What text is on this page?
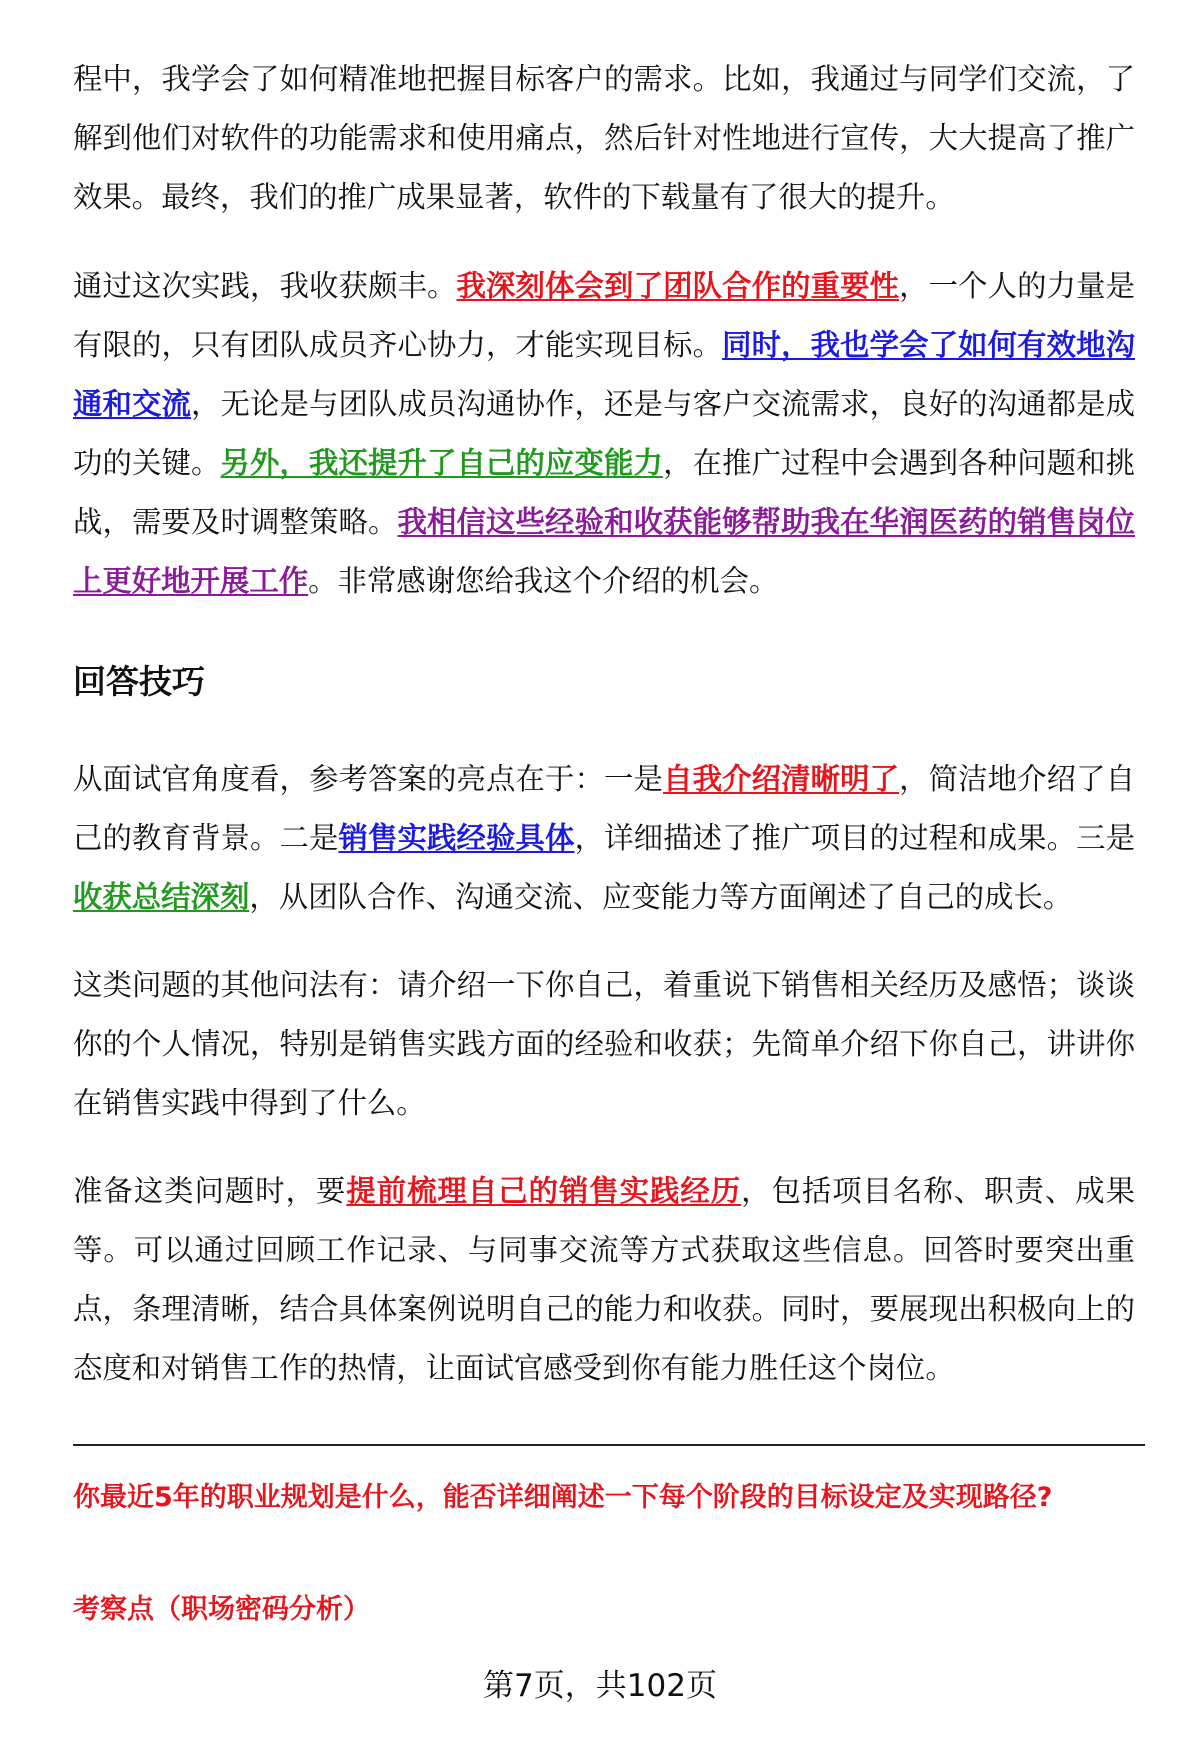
程中，我学会了如何精准地把握目标客户的需求。比如，我通过与同学们交流，了解到他们对软件的功能需求和使用痛点，然后针对性地进行宣传，大大提高了推广效果。最终，我们的推广成果显著，软件的下载量有了很大的提升。
通过这次实践，我收获颇丰。我深刻体会到了团队合作的重要性，一个人的力量是有限的，只有团队成员齐心协力，才能实现目标。同时，我也学会了如何有效地沟通和交流，无论是与团队成员沟通协作，还是与客户交流需求，良好的沟通都是成功的关键。另外，我还提升了自己的应变能力，在推广过程中会遇到各种问题和挑战，需要及时调整策略。我相信这些经验和收获能够帮助我在华润医药的销售岗位上更好地开展工作。非常感谢您给我这个介绍的机会。
回答技巧
从面试官角度看，参考答案的亮点在于：一是自我介绍清晰明了，简洁地介绍了自己的教育背景。二是销售实践经验具体，详细描述了推广项目的过程和成果。三是收获总结深刻，从团队合作、沟通交流、应变能力等方面阐述了自己的成长。
这类问题的其他问法有：请介绍一下你自己，着重说下销售相关经历及感悟；谈谈你的个人情况，特别是销售实践方面的经验和收获；先简单介绍下你自己，讲讲你在销售实践中得到了什么。
准备这类问题时，要提前梳理自己的销售实践经历，包括项目名称、职责、成果等。可以通过回顾工作记录、与同事交流等方式获取这些信息。回答时要突出重点，条理清晰，结合具体案例说明自己的能力和收获。同时，要展现出积极向上的态度和对销售工作的热情，让面试官感受到你有能力胜任这个岗位。
你最近5年的职业规划是什么，能否详细阐述一下每个阶段的目标设定及实现路径?
考察点（职场密码分析）
第7页，共102页
